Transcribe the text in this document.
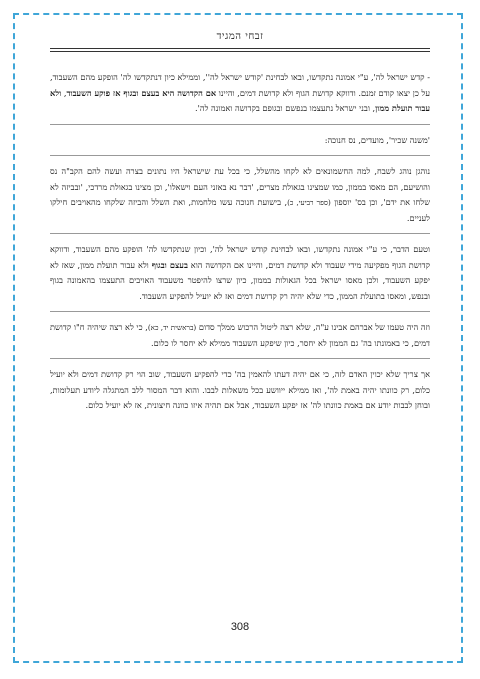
זבחי המגיד

- קדש ישראל לה', ע"י אמונה נתקדשו, ובאו לבחינת 'קודש ישראל לה'', וממילא כיון דנתקדשו לה' הופקע מהם השעבוד, על כן יצאו קודם זמנם. ודווקא קדושת הגוף ולא קדושת דמים, והיינו אם הקדושה היא בעצם ובגוף אז פוקע השעבוד, ולא עבור תועלת ממון, ובני ישראל נתעצמו בנפשם ובגופם בקדושה ואמונה לה'.

'משנה שכיר', מועדים, נס חנוכה:

נוהגן נוהג לשבח, למה החשמונאים לא לקחו מהשלל, כי בכל עת שישראל היו נתונים בצרה ועשה להם הקב"ה נס והושיעם, הם מאסו בממון, כמו שמצינו בגאולת מצרים, 'דבר נא באזני העם וישאלו', וכן מצינו בגאולת מרדכי, 'ובביזה לא שלחו את ידם', וכן בס' יוספון (ספר רביעי, כ), בישועת חנוכה עשו מלחמות, ואת השלל והביזה שלקחו מהאויבים חילקו לעניים.

וטעם הדבר, כי ע"י אמונה נתקדשו, ובאו לבחינת קודש ישראל לה', וכיון שנתקדשו לה' הופקע מהם השעבוד, ודווקא קדושת הגוף מפקיעה מידי שעבוד ולא קדושת דמים, והיינו אם הקדושה הוא בעצם ובגוף ולא עבור תועלת ממון, שאז לא יפקע השעבוד, ולכן מאסו ישראל בכל הגאולות בממון, כיון שרצו להיפטר משעבוד האויבים התעצמו בהאמונה בגוף ובנפש, ומאסו בתועלת הממון, כדי שלא יהיה רק קדושת דמים ואז לא יועיל להפקיע השעבוד.

וזה היה טעמו של אברהם אבינו ע"ה, שלא רצה ליטול הרכוש ממלך סדום (בראשית יד, כא), כי לא רצה שיהיה ח"ו קדושת דמים, כי באמונתו בה' גם הממון לא יחסר, כיון שיפקע השעבוד ממילא לא יחסר לו כלום.

אך צריך שלא יכוין האדם לזה, כי אם יהיה דעתו להאמין בה' כדי להפקיע השעבוד, שוב הוי רק קדושת דמים ולא יועיל כלום, רק כוונתו יהיה באמת לה', ואז ממילא ייוושע בכל משאלות לבבו. והוא דבר המסור ללב המתגלה ליודע תעלומות, ובוחן לבבות יודע אם באמת כוונתו לה' אז יפקע השעבוד, אבל אם תהיה איזו כוונה חיצונית, אז לא יועיל כלום.

308
